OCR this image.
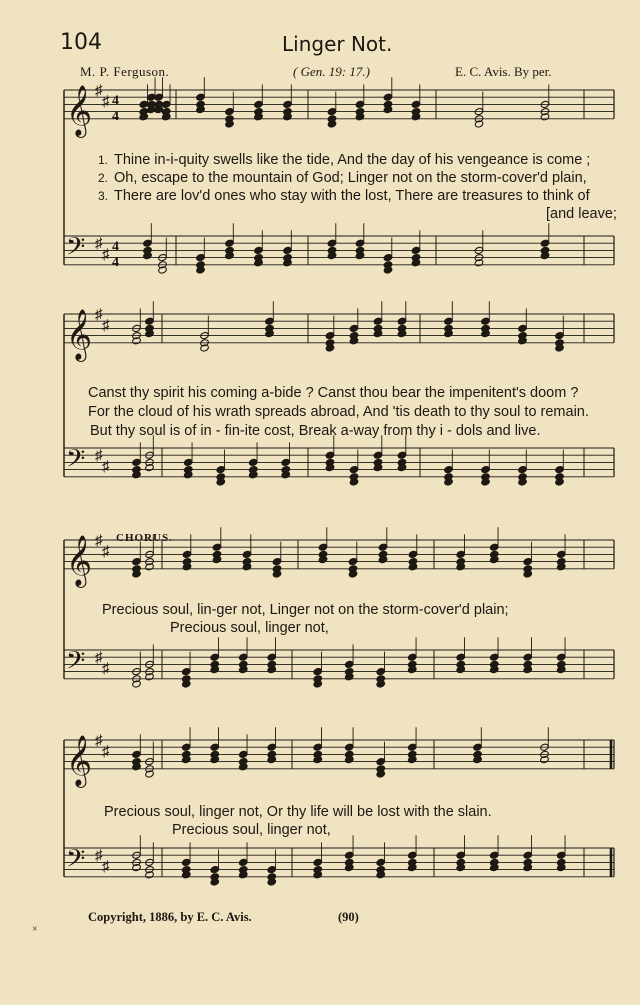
𝄞 ♯
♯ 4
4
𝄢 ♯
♯
4
4
𝄞 ♯
♯
𝄢 ♯
♯
𝄞 ♯
♯
𝄢 ♯
♯
𝄞 ♯
♯
𝄢 ♯
♯
104	Linger Not.
M. P. Ferguson.	( Gen. 19: 17.)	E. C. Avis. By per.
1. Thine in-i-quity swells like the tide, And the day of his vengeance is come ;
2. Oh, escape to the mountain of God; Linger not on the storm-cover'd plain,
3. There are lov'd ones who stay with the lost, There are treasures to think of
[and leave;
Canst thy spirit his coming a-bide ? Canst thou bear the impenitent's doom ?
For the cloud of his wrath spreads abroad, And 'tis death to thy soul to remain.
But thy soul is of in - fin-ite cost, Break a-way from thy i - dols and live.
CHORUS.
Precious soul, lin-ger not, Linger not on the storm-cover'd plain;
Precious soul, linger not,
Precious soul, linger not, Or thy life will be lost with the slain.
Precious soul, linger not,
Copyright, 1886, by E. C. Avis.	(90)
×
